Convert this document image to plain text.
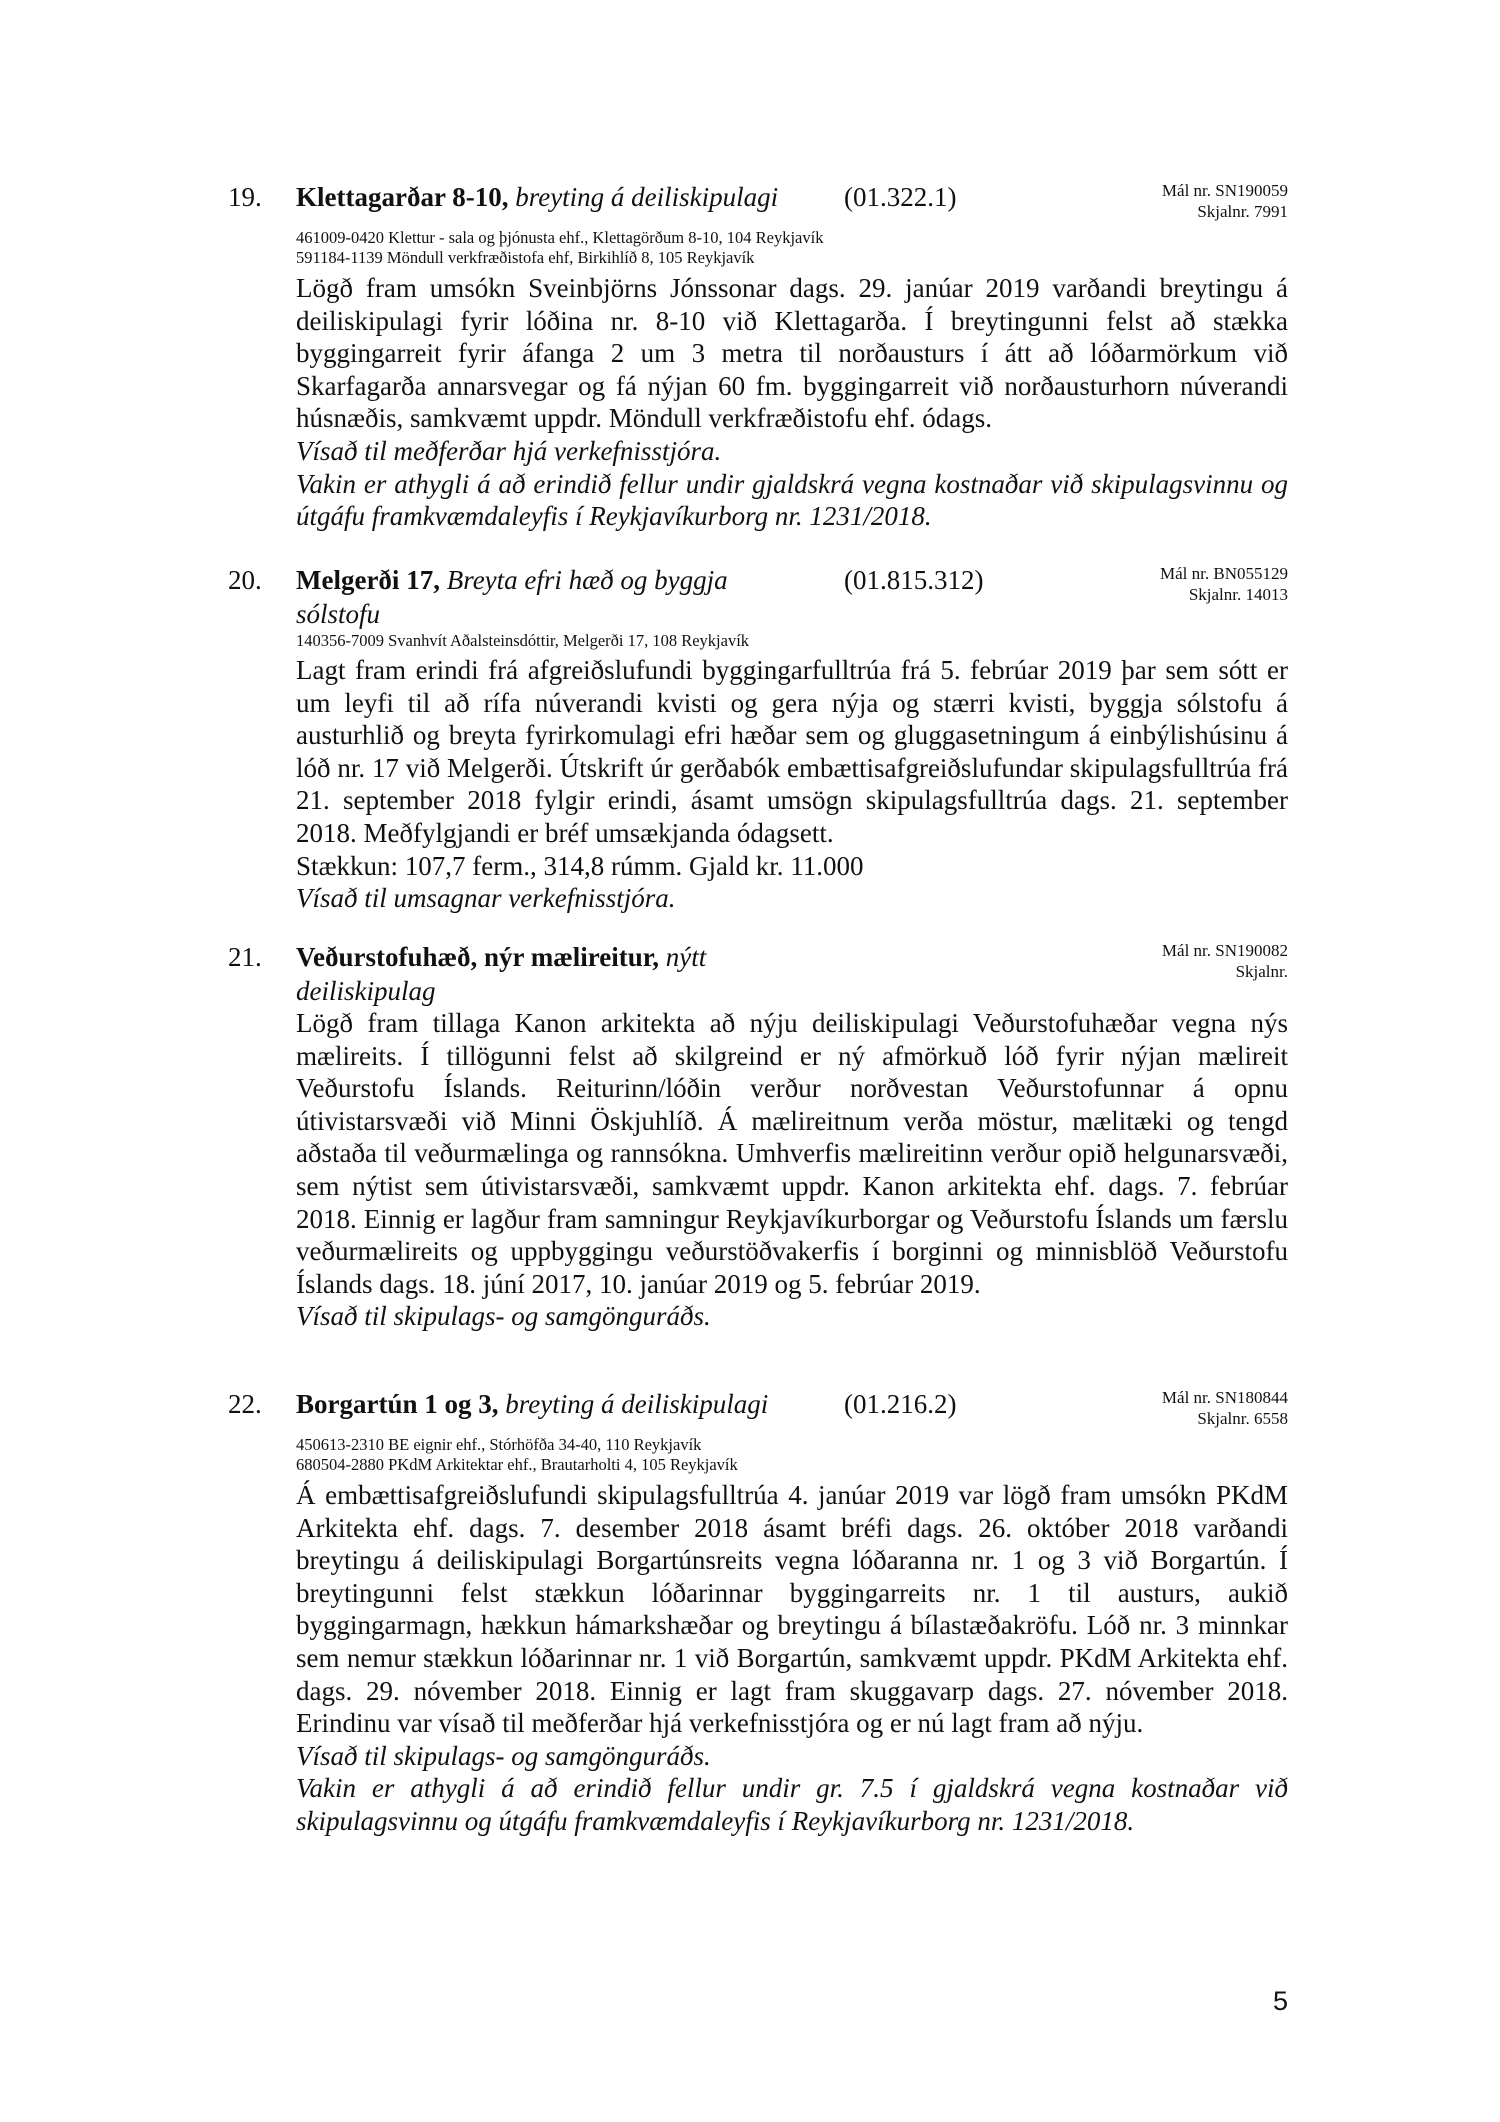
19. Klettagarðar 8-10, breyting á deiliskipulagi	(01.322.1)	Mál nr. SN190059
Skjalnr. 7991
461009-0420 Klettur - sala og þjónusta ehf., Klettagörðum 8-10, 104 Reykjavík
591184-1139 Möndull verkfræðistofa ehf, Birkihlíð 8, 105 Reykjavík

Lögð fram umsókn Sveinbjörns Jónssonar dags. 29. janúar 2019 varðandi breytingu á deiliskipulagi fyrir lóðina nr. 8-10 við Klettagarða. Í breytingunni felst að stækka byggingarreit fyrir áfanga 2 um 3 metra til norðausturs í átt að lóðarmörkum við Skarfagarða annarsvegar og fá nýjan 60 fm. byggingarreit við norðausturhorn núverandi húsnæðis, samkvæmt uppdr. Möndull verkfræðistofu ehf. ódags.

Vísað til meðferðar hjá verkefnisstjóra.

Vakin er athygli á að erindið fellur undir gjaldskrá vegna kostnaðar við skipulagsvinnu og útgáfu framkvæmdaleyfis í Reykjavíkurborg nr. 1231/2018.

20. Melgerði 17, Breyta efri hæð og byggja sólstofu
(01.815.312)	Mál nr. BN055129
Skjalnr. 14013
140356-7009 Svanhvít Aðalsteinsdóttir, Melgerði 17, 108 Reykjavík

Lagt fram erindi frá afgreiðslufundi byggingarfulltrúa frá 5. febrúar 2019 þar sem sótt er um leyfi til að rífa núverandi kvisti og gera nýja og stærri kvisti, byggja sólstofu á austurhlið og breyta fyrirkomulagi efri hæðar sem og gluggasetningum á einbýlishúsinu á lóð nr. 17 við Melgerði. Útskrift úr gerðabók embættisafgreiðslufundar skipulagsfulltrúa frá 21. september 2018 fylgir erindi, ásamt umsögn skipulagsfulltrúa dags. 21. september 2018. Meðfylgjandi er bréf umsækjanda ódagsett.

Stækkun: 107,7 ferm., 314,8 rúmm. Gjald kr. 11.000

Vísað til umsagnar verkefnisstjóra.

21. Veðurstofuhæð, nýr mælireitur, nýtt deiliskipulag
Mál nr. SN190082
Skjalnr.

Lögð fram tillaga Kanon arkitekta að nýju deiliskipulagi Veðurstofuhæðar vegna nýs mælireits. Í tillögunni felst að skilgreind er ný afmörkuð lóð fyrir nýjan mælireit Veðurstofu Íslands. Reiturinn/lóðin verður norðvestan Veðurstofunnar á opnu útivistarsvæði við Minni Öskjuhlíð. Á mælireitnum verða möstur, mælitæki og tengd aðstaða til veðurmælinga og rannsókna. Umhverfis mælireitinn verður opið helgunarsvæði, sem nýtist sem útivistarsvæði, samkvæmt uppdr. Kanon arkitekta ehf. dags. 7. febrúar 2018. Einnig er lagður fram samningur Reykjavíkurborgar og Veðurstofu Íslands um færslu veðurmælireits og uppbyggingu veðurstöðvakerfis í borginni og minnisblöð Veðurstofu Íslands dags. 18. júní 2017, 10. janúar 2019 og 5. febrúar 2019.

Vísað til skipulags- og samgönguráðs.

22. Borgartún 1 og 3, breyting á deiliskipulagi	(01.216.2)	Mál nr. SN180844
Skjalnr. 6558
450613-2310 BE eignir ehf., Stórhöfða 34-40, 110 Reykjavík
680504-2880 PKdM Arkitektar ehf., Brautarholti 4, 105 Reykjavík

Á embættisafgreiðslufundi skipulagsfulltrúa 4. janúar 2019 var lögð fram umsókn PKdM Arkitekta ehf. dags. 7. desember 2018 ásamt bréfi dags. 26. október 2018 varðandi breytingu á deiliskipulagi Borgartúnsreits vegna lóðaranna nr. 1 og 3 við Borgartún. Í breytingunni felst stækkun lóðarinnar byggingarreits nr. 1 til austurs, aukið byggingarmagn, hækkun hámarkshæðar og breytingu á bílastæðakröfu. Lóð nr. 3 minnkar sem nemur stækkun lóðarinnar nr. 1 við Borgartún, samkvæmt uppdr. PKdM Arkitekta ehf. dags. 29. nóvember 2018. Einnig er lagt fram skuggavarp dags. 27. nóvember 2018. Erindinu var vísað til meðferðar hjá verkefnisstjóra og er nú lagt fram að nýju.

Vísað til skipulags- og samgönguráðs.

Vakin er athygli á að erindið fellur undir gr. 7.5 í gjaldskrá vegna kostnaðar við skipulagsvinnu og útgáfu framkvæmdaleyfis í Reykjavíkurborg nr. 1231/2018.

5
